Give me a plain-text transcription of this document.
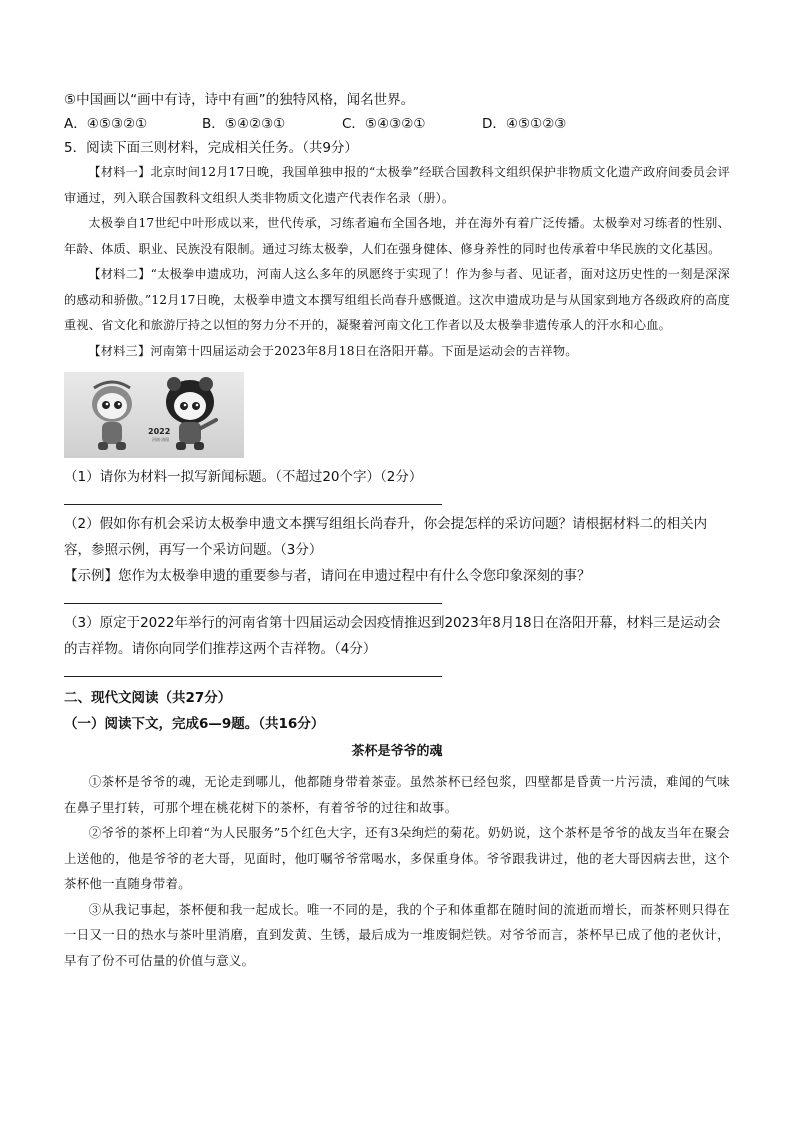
⑤中国画以“画中有诗，诗中有画”的独特风格，闻名世界。
A．④⑤③②①	B．⑤④②③①	C．⑤④③②①	D．④⑤①②③
5．阅读下面三则材料，完成相关任务。（共9分）
【材料一】北京时间12月17日晚，我国单独申报的“太极拳”经联合国教科文组织保护非物质文化遗产政府间委员会评审通过，列入联合国教科文组织人类非物质文化遗产代表作名录（册）。
太极拳自17世纪中叶形成以来，世代传承，习练者遍布全国各地，并在海外有着广泛传播。太极拳对习练者的性别、年龄、体质、职业、民族没有限制。通过习练太极拳，人们在强身健体、修身养性的同时也传承着中华民族的文化基因。
【材料二】“太极拳申遗成功，河南人这么多年的夙愿终于实现了！作为参与者、见证者，面对这历史性的一刻是深深的感动和骄傲。”12月17日晚，太极拳申遗文本撰写组组长尚春升感慨道。这次申遗成功是与从国家到地方各级政府的高度重视、省文化和旅游厅持之以恒的努力分不开的，凝聚着河南文化工作者以及太极拳非遗传承人的汗水和心血。
【材料三】河南第十四届运动会于2023年8月18日在洛阳开幕。下面是运动会的吉祥物。
2022
河南·洛阳
（1）请你为材料一拟写新闻标题。（不超过20个字）（2分）
（2）假如你有机会采访太极拳申遗文本撰写组组长尚春升，你会提怎样的采访问题？请根据材料二的相关内
容，参照示例，再写一个采访问题。（3分）
【示例】您作为太极拳申遗的重要参与者，请问在申遗过程中有什么令您印象深刻的事？
（3）原定于2022年举行的河南省第十四届运动会因疫情推迟到2023年8月18日在洛阳开幕，材料三是运动会
的吉祥物。请你向同学们推荐这两个吉祥物。（4分）
二、现代文阅读（共27分）
（一）阅读下文，完成6—9题。（共16分）
茶杯是爷爷的魂
①茶杯是爷爷的魂，无论走到哪儿，他都随身带着茶壶。虽然茶杯已经包浆，四壁都是昏黄一片污渍，难闻的气味在鼻子里打转，可那个埋在桃花树下的茶杯，有着爷爷的过往和故事。
②爷爷的茶杯上印着“为人民服务”5个红色大字，还有3朵绚烂的菊花。奶奶说，这个茶杯是爷爷的战友当年在聚会上送他的，他是爷爷的老大哥，见面时，他叮嘱爷爷常喝水，多保重身体。爷爷跟我讲过，他的老大哥因病去世，这个茶杯他一直随身带着。
③从我记事起，茶杯便和我一起成长。唯一不同的是，我的个子和体重都在随时间的流逝而增长，而茶杯则只得在一日又一日的热水与茶叶里消磨，直到发黄、生锈，最后成为一堆废铜烂铁。对爷爷而言，茶杯早已成了他的老伙计，早有了份不可估量的价值与意义。
